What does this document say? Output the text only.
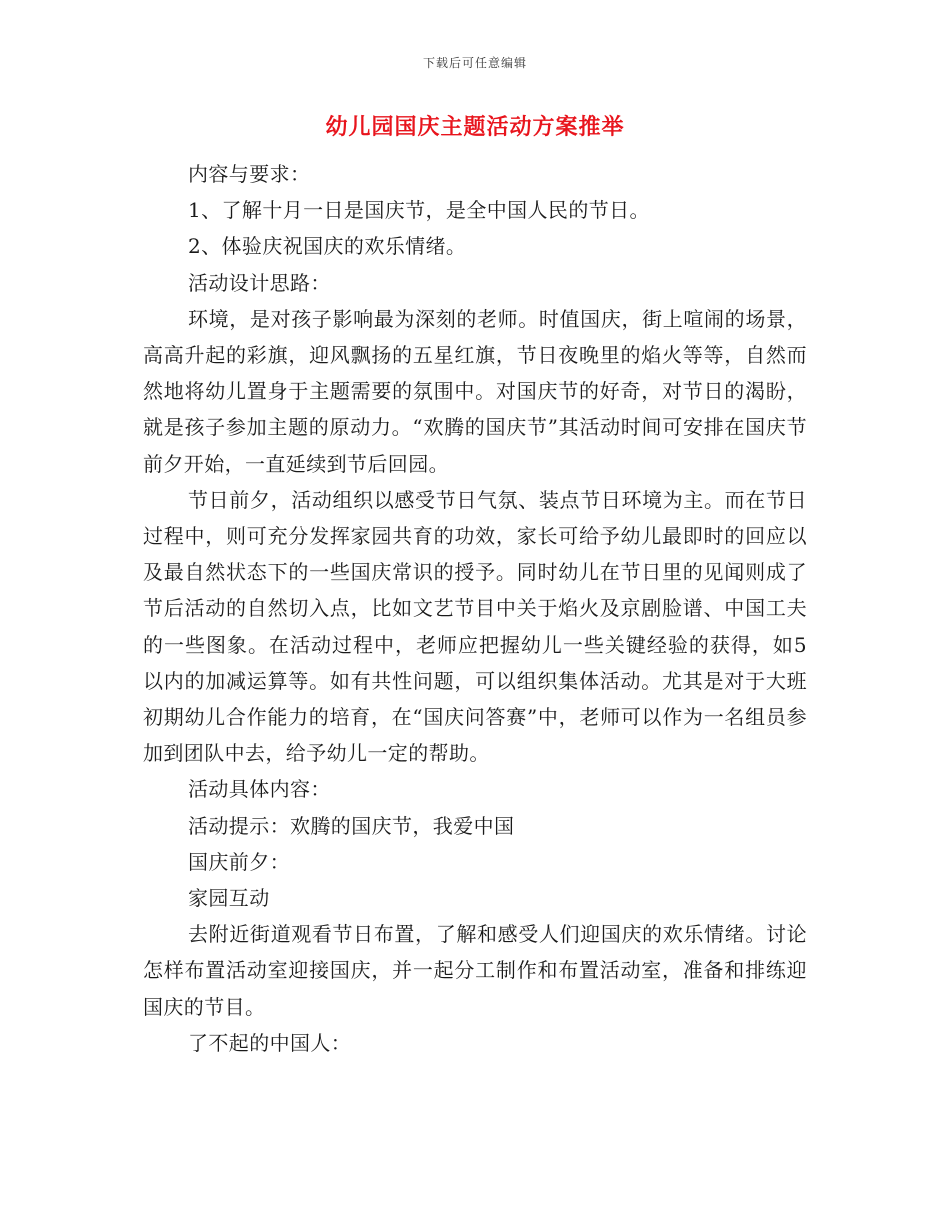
下载后可任意编辑
幼儿园国庆主题活动方案推举

内容与要求：

1、了解十月一日是国庆节，是全中国人民的节日。

2、体验庆祝国庆的欢乐情绪。

活动设计思路：

环境，是对孩子影响最为深刻的老师。时值国庆，街上喧闹的场景，高高升起的彩旗，迎风飘扬的五星红旗，节日夜晚里的焰火等等，自然而然地将幼儿置身于主题需要的氛围中。对国庆节的好奇，对节日的渴盼，就是孩子参加主题的原动力。“欢腾的国庆节”其活动时间可安排在国庆节前夕开始，一直延续到节后回园。

节日前夕，活动组织以感受节日气氛、装点节日环境为主。而在节日过程中，则可充分发挥家园共育的功效，家长可给予幼儿最即时的回应以及最自然状态下的一些国庆常识的授予。同时幼儿在节日里的见闻则成了节后活动的自然切入点，比如文艺节目中关于焰火及京剧脸谱、中国工夫的一些图象。在活动过程中，老师应把握幼儿一些关键经验的获得，如5以内的加减运算等。如有共性问题，可以组织集体活动。尤其是对于大班初期幼儿合作能力的培育，在“国庆问答赛”中，老师可以作为一名组员参加到团队中去，给予幼儿一定的帮助。

活动具体内容：

活动提示：欢腾的国庆节，我爱中国

国庆前夕：

家园互动

去附近街道观看节日布置，了解和感受人们迎国庆的欢乐情绪。讨论怎样布置活动室迎接国庆，并一起分工制作和布置活动室，准备和排练迎国庆的节目。

了不起的中国人：
